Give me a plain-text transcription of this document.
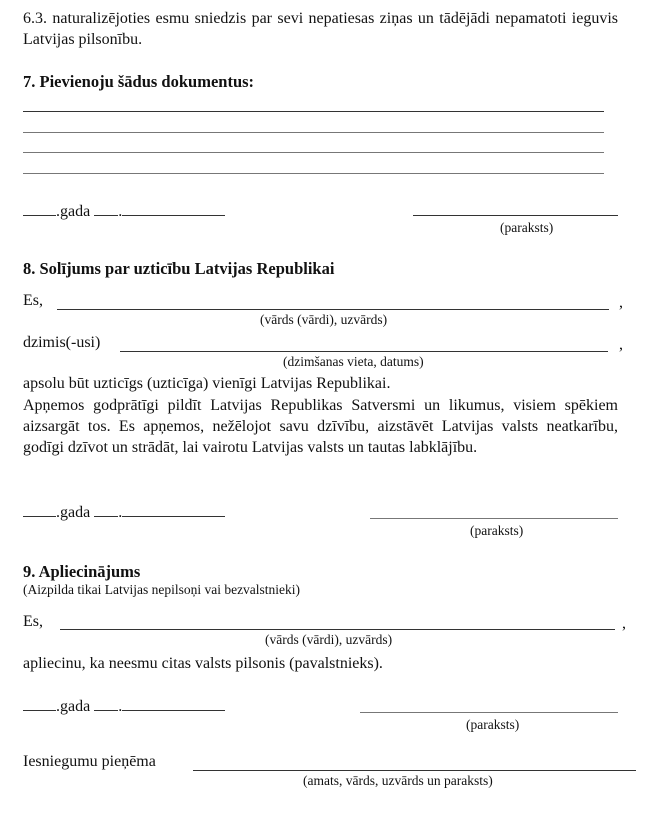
6.3. naturalizējoties esmu sniedzis par sevi nepatiesas ziņas un tādējādi nepamatoti ieguvis Latvijas pilsonību.
7. Pievienoju šādus dokumentus:
.gada .
(paraksts)
8. Solījums par uzticību Latvijas Republikai
Es,	,
(vārds (vārdi), uzvārds)
dzimis(-usi)	,
(dzimšanas vieta, datums)
apsolu būt uzticīgs (uzticīga) vienīgi Latvijas Republikai.
Apņemos godprātīgi pildīt Latvijas Republikas Satversmi un likumus, visiem spēkiem aizsargāt tos. Es apņemos, nežēlojot savu dzīvību, aizstāvēt Latvijas valsts neatkarību, godīgi dzīvot un strādāt, lai vairotu Latvijas valsts un tautas labklājību.
.gada .
(paraksts)
9. Apliecinājums
(Aizpilda tikai Latvijas nepilsoņi vai bezvalstnieki)
Es,	,
(vārds (vārdi), uzvārds)
apliecinu, ka neesmu citas valsts pilsonis (pavalstnieks).
.gada .
(paraksts)
Iesniegumu pieņēma
(amats, vārds, uzvārds un paraksts)
